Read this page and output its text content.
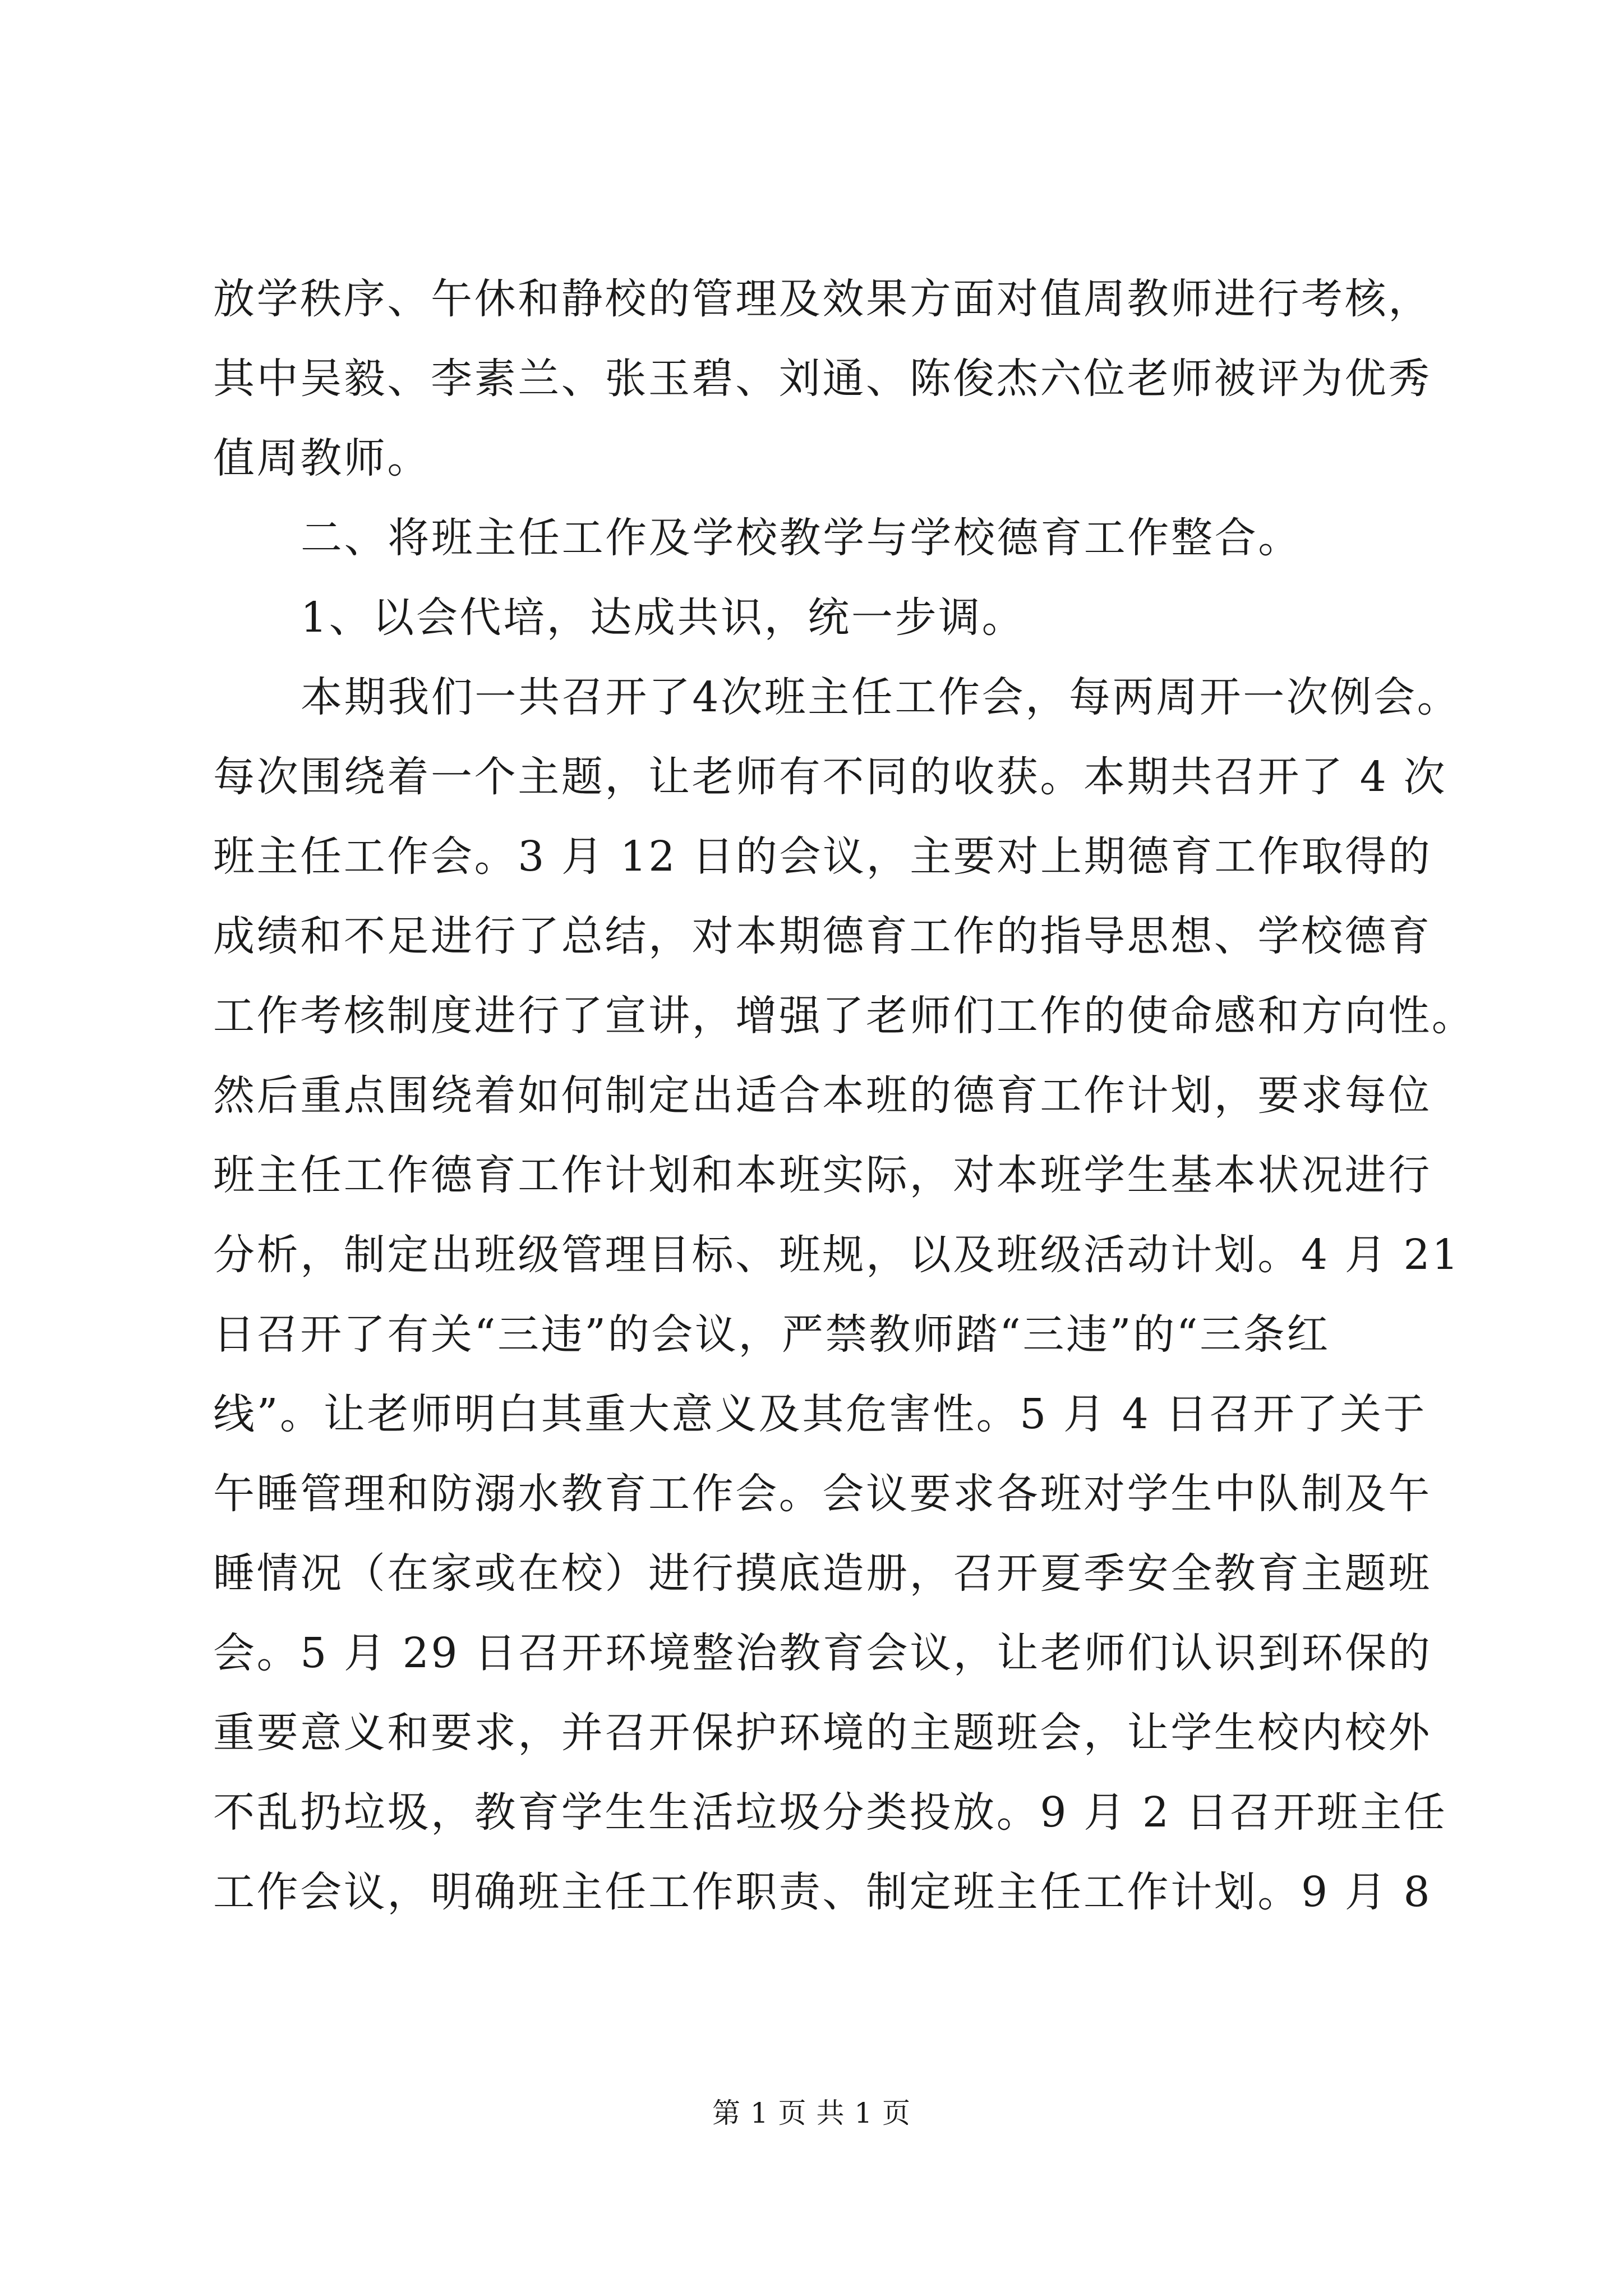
放学秩序、午休和静校的管理及效果方面对值周教师进行考核，
其中吴毅、李素兰、张玉碧、刘通、陈俊杰六位老师被评为优秀
值周教师。
二、将班主任工作及学校教学与学校德育工作整合。
1、以会代培，达成共识，统一步调。
本期我们一共召开了4次班主任工作会，每两周开一次例会。
每次围绕着一个主题，让老师有不同的收获。本期共召开了 4 次
班主任工作会。3 月 12 日的会议，主要对上期德育工作取得的
成绩和不足进行了总结，对本期德育工作的指导思想、学校德育
工作考核制度进行了宣讲，增强了老师们工作的使命感和方向性。
然后重点围绕着如何制定出适合本班的德育工作计划，要求每位
班主任工作德育工作计划和本班实际，对本班学生基本状况进行
分析，制定出班级管理目标、班规，以及班级活动计划。4 月 21
日召开了有关“三违”的会议，严禁教师踏“三违”的“三条红
线”。让老师明白其重大意义及其危害性。5 月 4 日召开了关于
午睡管理和防溺水教育工作会。会议要求各班对学生中队制及午
睡情况（在家或在校）进行摸底造册，召开夏季安全教育主题班
会。5 月 29 日召开环境整治教育会议，让老师们认识到环保的
重要意义和要求，并召开保护环境的主题班会，让学生校内校外
不乱扔垃圾，教育学生生活垃圾分类投放。9 月 2 日召开班主任
工作会议，明确班主任工作职责、制定班主任工作计划。9 月 8
第 1 页 共 1 页
